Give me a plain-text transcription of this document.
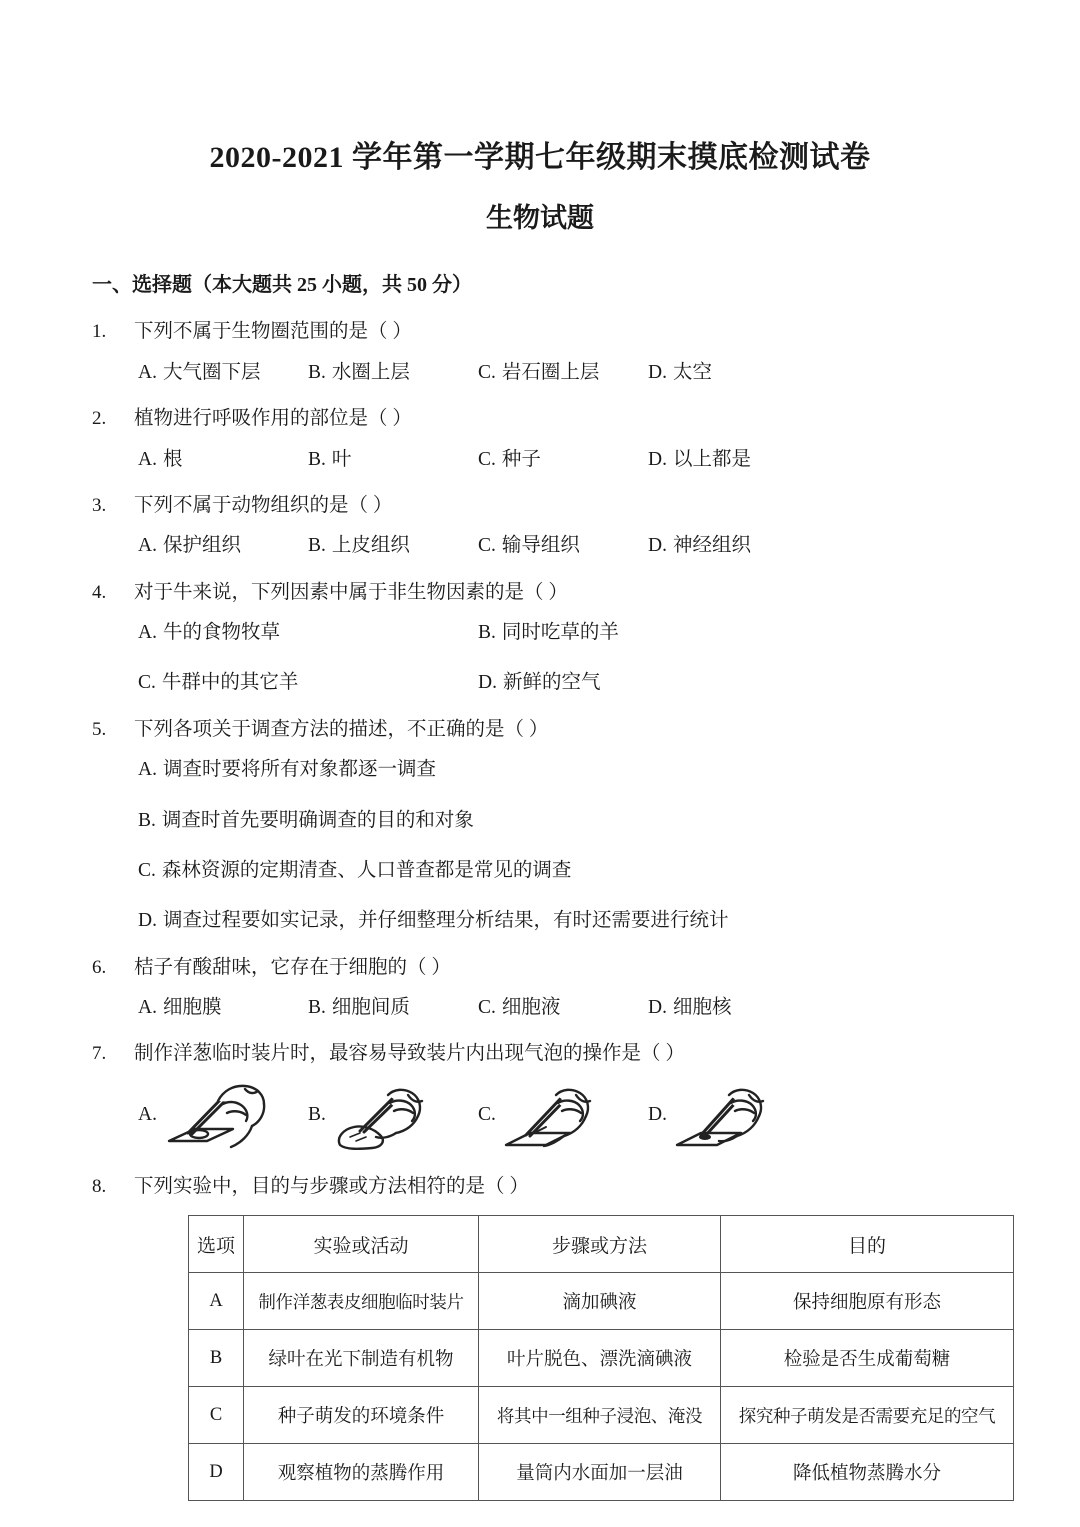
2020-2021 学年第一学期七年级期末摸底检测试卷
生物试题
一、选择题（本大题共 25 小题，共 50 分）
1.	下列不属于生物圈范围的是（ ）
A. 大气圈下层	B. 水圈上层	C. 岩石圈上层	D. 太空
2.	植物进行呼吸作用的部位是（ ）
A. 根	B. 叶	C. 种子	D. 以上都是
3.	下列不属于动物组织的是（ ）
A. 保护组织	B. 上皮组织	C. 输导组织	D. 神经组织
4.	对于牛来说，下列因素中属于非生物因素的是（ ）
A. 牛的食物牧草	B. 同时吃草的羊
C. 牛群中的其它羊	D. 新鲜的空气
5.	下列各项关于调查方法的描述，不正确的是（ ）
A. 调查时要将所有对象都逐一调查
B. 调查时首先要明确调查的目的和对象
C. 森林资源的定期清查、人口普查都是常见的调查
D. 调查过程要如实记录，并仔细整理分析结果，有时还需要进行统计
6.	桔子有酸甜味，它存在于细胞的（ ）
A. 细胞膜	B. 细胞间质	C. 细胞液	D. 细胞核
7.	制作洋葱临时装片时，最容易导致装片内出现气泡的操作是（ ）
A.	B.	C.	D.
8.	下列实验中，目的与步骤或方法相符的是（ ）
选项	实验或活动	步骤或方法	目的
A	制作洋葱表皮细胞临时装片	滴加碘液	保持细胞原有形态
B	绿叶在光下制造有机物	叶片脱色、漂洗滴碘液	检验是否生成葡萄糖
C	种子萌发的环境条件	将其中一组种子浸泡、淹没	探究种子萌发是否需要充足的空气
D	观察植物的蒸腾作用	量筒内水面加一层油	降低植物蒸腾水分
